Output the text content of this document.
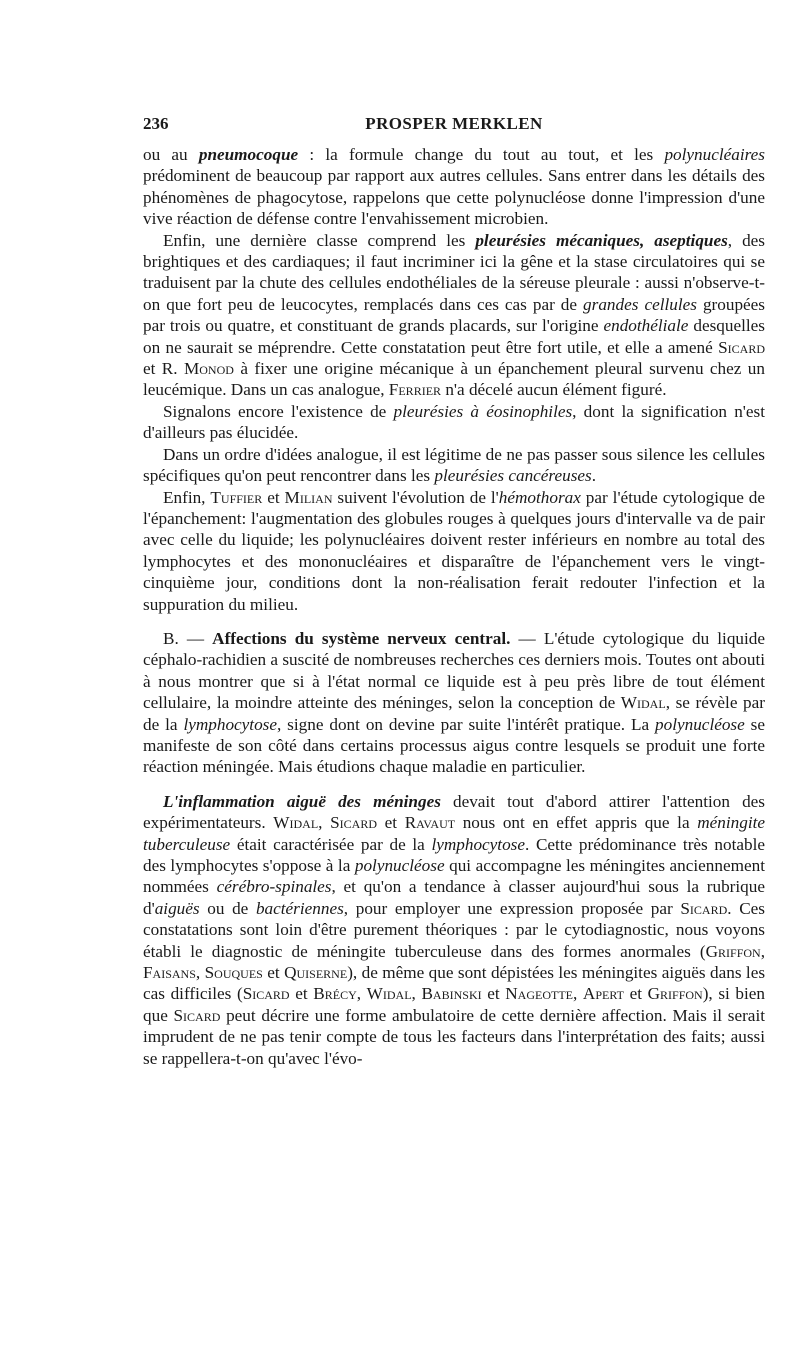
236	PROSPER MERKLEN

ou au pneumocoque : la formule change du tout au tout, et les polynucléaires prédominent de beaucoup par rapport aux autres cellules. Sans entrer dans les détails des phénomènes de phagocytose, rappelons que cette polynucléose donne l'impression d'une vive réaction de défense contre l'envahissement microbien.

Enfin, une dernière classe comprend les pleurésies mécaniques, aseptiques, des brightiques et des cardiaques; il faut incriminer ici la gêne et la stase circulatoires qui se traduisent par la chute des cellules endothéliales de la séreuse pleurale : aussi n'observe-t-on que fort peu de leucocytes, remplacés dans ces cas par de grandes cellules groupées par trois ou quatre, et constituant de grands placards, sur l'origine endothéliale desquelles on ne saurait se méprendre. Cette constatation peut être fort utile, et elle a amené Sicard et R. Monod à fixer une origine mécanique à un épanchement pleural survenu chez un leucémique. Dans un cas analogue, Ferrier n'a décelé aucun élément figuré.

Signalons encore l'existence de pleurésies à éosinophiles, dont la signification n'est d'ailleurs pas élucidée.

Dans un ordre d'idées analogue, il est légitime de ne pas passer sous silence les cellules spécifiques qu'on peut rencontrer dans les pleurésies cancéreuses.

Enfin, Tuffier et Milian suivent l'évolution de l'hémothorax par l'étude cytologique de l'épanchement: l'augmentation des globules rouges à quelques jours d'intervalle va de pair avec celle du liquide; les polynucléaires doivent rester inférieurs en nombre au total des lymphocytes et des mononucléaires et disparaître de l'épanchement vers le vingt-cinquième jour, conditions dont la non-réalisation ferait redouter l'infection et la suppuration du milieu.

B. — Affections du système nerveux central. — L'étude cytologique du liquide céphalo-rachidien a suscité de nombreuses recherches ces derniers mois. Toutes ont abouti à nous montrer que si à l'état normal ce liquide est à peu près libre de tout élément cellulaire, la moindre atteinte des méninges, selon la conception de Widal, se révèle par de la lymphocytose, signe dont on devine par suite l'intérêt pratique. La polynucléose se manifeste de son côté dans certains processus aigus contre lesquels se produit une forte réaction méningée. Mais étudions chaque maladie en particulier.

L'inflammation aiguë des méninges devait tout d'abord attirer l'attention des expérimentateurs. Widal, Sicard et Ravaut nous ont en effet appris que la méningite tuberculeuse était caractérisée par de la lymphocytose. Cette prédominance très notable des lymphocytes s'oppose à la polynucléose qui accompagne les méningites anciennement nommées cérébro-spinales, et qu'on a tendance à classer aujourd'hui sous la rubrique d'aiguës ou de bactériennes, pour employer une expression proposée par Sicard. Ces constatations sont loin d'être purement théoriques : par le cytodiagnostic, nous voyons établi le diagnostic de méningite tuberculeuse dans des formes anormales (Griffon, Faisans, Souques et Quiserne), de même que sont dépistées les méningites aiguës dans les cas difficiles (Sicard et Brécy, Widal, Babinski et Nageotte, Apert et Griffon), si bien que Sicard peut décrire une forme ambulatoire de cette dernière affection. Mais il serait imprudent de ne pas tenir compte de tous les facteurs dans l'interprétation des faits; aussi se rappellera-t-on qu'avec l'évo-
